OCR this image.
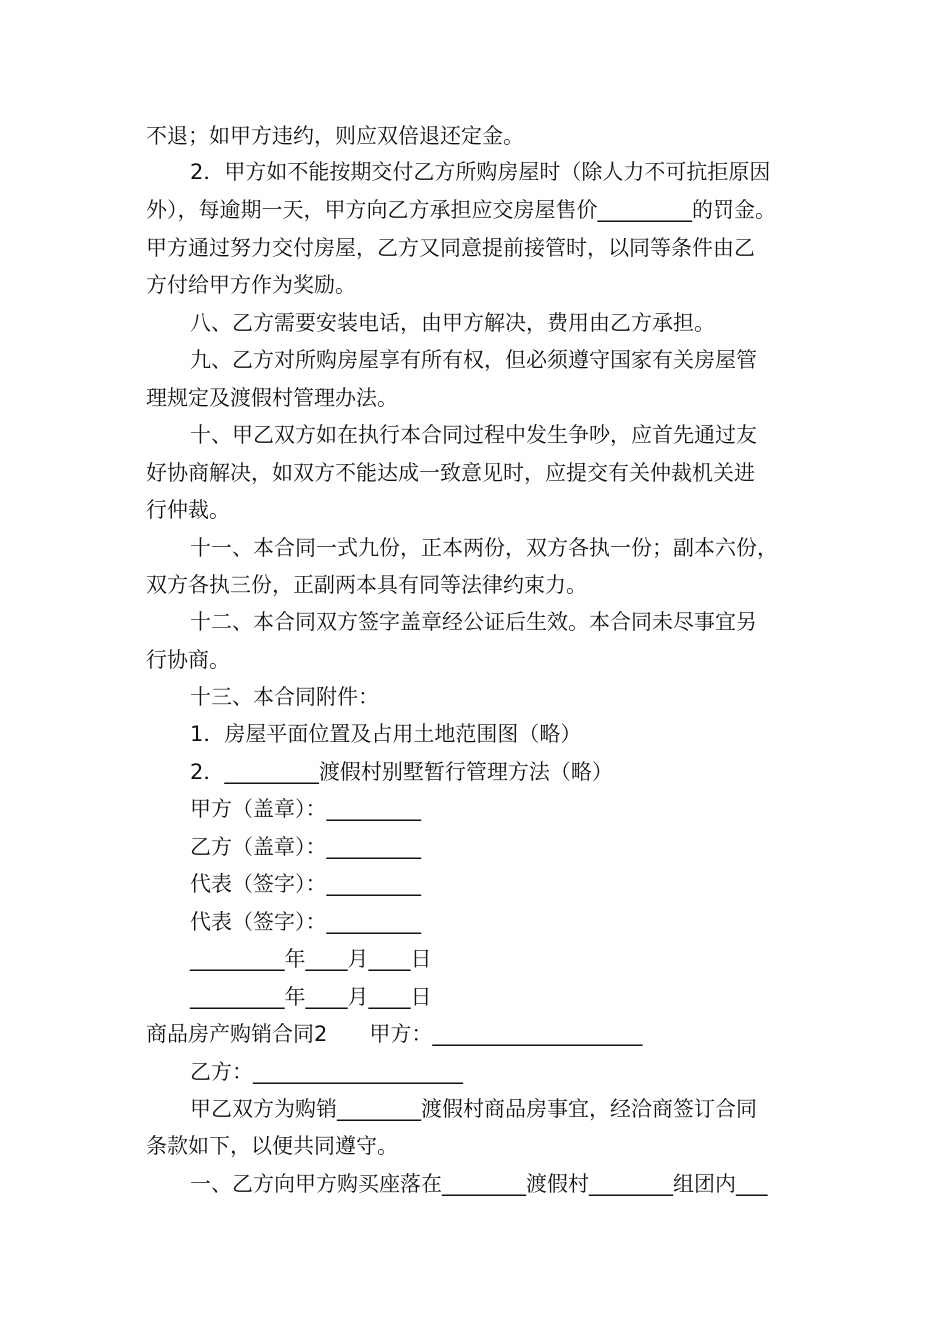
不退；如甲方违约，则应双倍退还定金。
2．甲方如不能按期交付乙方所购房屋时（除人力不可抗拒原因
外），每逾期一天，甲方向乙方承担应交房屋售价_________的罚金。
甲方通过努力交付房屋，乙方又同意提前接管时，以同等条件由乙
方付给甲方作为奖励。
八、乙方需要安装电话，由甲方解决，费用由乙方承担。
九、乙方对所购房屋享有所有权，但必须遵守国家有关房屋管
理规定及渡假村管理办法。
十、甲乙双方如在执行本合同过程中发生争吵，应首先通过友
好协商解决，如双方不能达成一致意见时，应提交有关仲裁机关进
行仲裁。
十一、本合同一式九份，正本两份，双方各执一份；副本六份，
双方各执三份，正副两本具有同等法律约束力。
十二、本合同双方签字盖章经公证后生效。本合同未尽事宜另
行协商。
十三、本合同附件：
1．房屋平面位置及占用土地范围图（略）
2．_________渡假村别墅暂行管理方法（略）
甲方（盖章）：_________
乙方（盖章）：_________
代表（签字）：_________
代表（签字）：_________
_________年____月____日
_________年____月____日
商品房产购销合同2　　甲方：____________________
乙方：____________________
甲乙双方为购销________渡假村商品房事宜，经洽商签订合同
条款如下，以便共同遵守。
一、乙方向甲方购买座落在________渡假村________组团内___
